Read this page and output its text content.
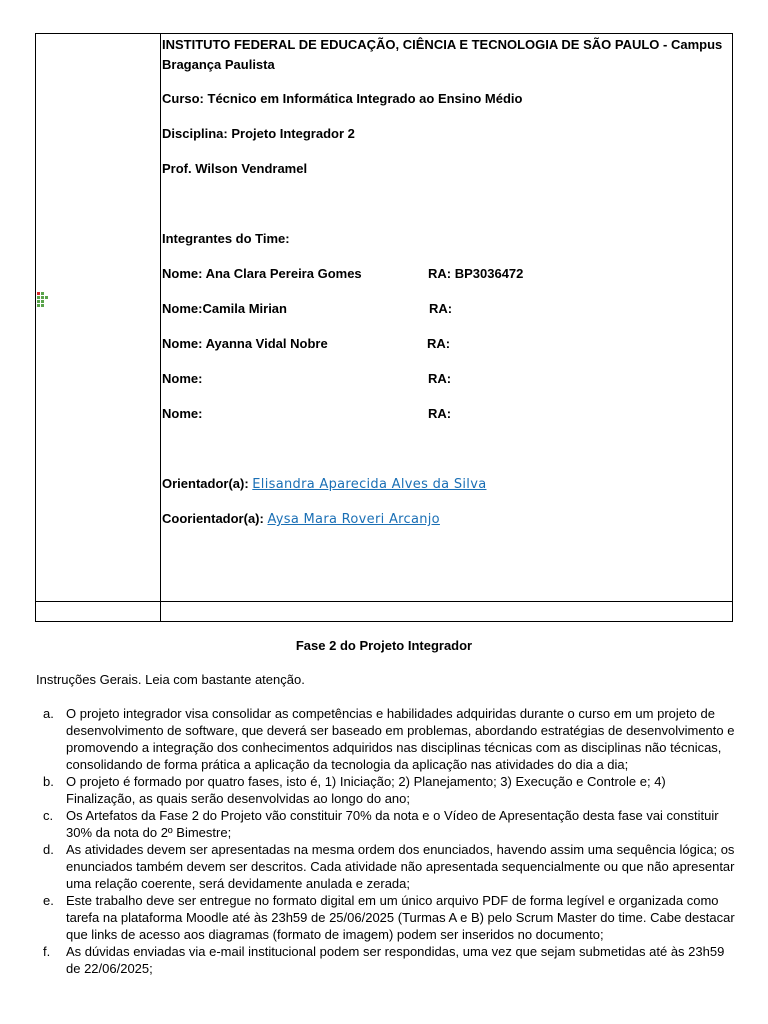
INSTITUTO FEDERAL DE EDUCAÇÃO, CIÊNCIA E TECNOLOGIA DE SÃO PAULO - Campus Bragança Paulista
Curso: Técnico em Informática Integrado ao Ensino Médio
Disciplina: Projeto Integrador 2
Prof. Wilson Vendramel
Integrantes do Time:
Nome: Ana Clara Pereira Gomes	RA: BP3036472
Nome:Camila Mirian	RA:
Nome: Ayanna Vidal Nobre	RA:
Nome:	RA:
Nome:	RA:
Orientador(a): Elisandra Aparecida Alves da Silva
Coorientador(a): Aysa Mara Roveri Arcanjo
Fase 2 do Projeto Integrador
Instruções Gerais. Leia com bastante atenção.
a. O projeto integrador visa consolidar as competências e habilidades adquiridas durante o curso em um projeto de desenvolvimento de software, que deverá ser baseado em problemas, abordando estratégias de desenvolvimento e promovendo a integração dos conhecimentos adquiridos nas disciplinas técnicas com as disciplinas não técnicas, consolidando de forma prática a aplicação da tecnologia da aplicação nas atividades do dia a dia;
b. O projeto é formado por quatro fases, isto é, 1) Iniciação; 2) Planejamento; 3) Execução e Controle e; 4) Finalização, as quais serão desenvolvidas ao longo do ano;
c. Os Artefatos da Fase 2 do Projeto vão constituir 70% da nota e o Vídeo de Apresentação desta fase vai constituir 30% da nota do 2º Bimestre;
d. As atividades devem ser apresentadas na mesma ordem dos enunciados, havendo assim uma sequência lógica; os enunciados também devem ser descritos. Cada atividade não apresentada sequencialmente ou que não apresentar uma relação coerente, será devidamente anulada e zerada;
e. Este trabalho deve ser entregue no formato digital em um único arquivo PDF de forma legível e organizada como tarefa na plataforma Moodle até às 23h59 de 25/06/2025 (Turmas A e B) pelo Scrum Master do time. Cabe destacar que links de acesso aos diagramas (formato de imagem) podem ser inseridos no documento;
f. As dúvidas enviadas via e-mail institucional podem ser respondidas, uma vez que sejam submetidas até às 23h59 de 22/06/2025;
